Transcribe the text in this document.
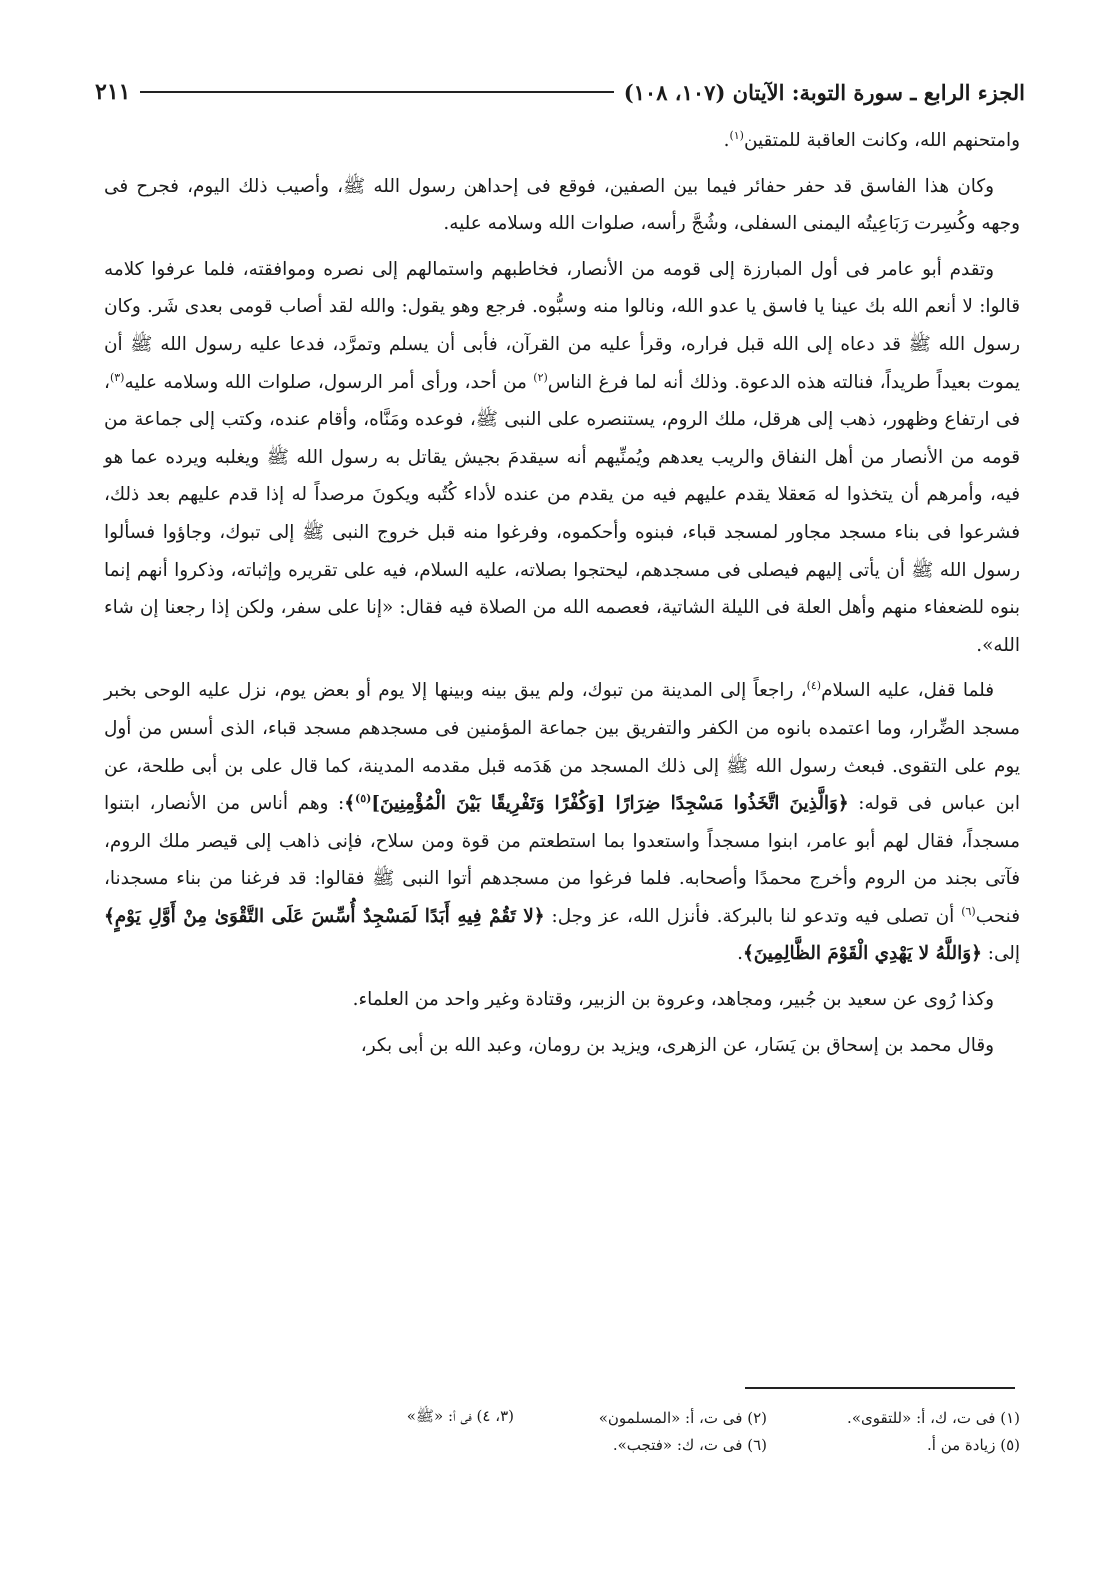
الجزء الرابع ـ سورة التوبة: الآيتان (١٠٧، ١٠٨)
٢١١

وامتحنهم الله، وكانت العاقبة للمتقين$^{(١)}$.

وكان هذا الفاسق قد حفر حفائر فيما بين الصفين، فوقع فى إحداهن رسول الله ﷺ، وأصيب ذلك اليوم، فجرح فى وجهه وكُسِرت رَبَاعِيتُه اليمنى السفلى، وشُجَّ رأسه، صلوات الله وسلامه عليه.

وتقدم أبو عامر فى أول المبارزة إلى قومه من الأنصار، فخاطبهم واستمالهم إلى نصره وموافقته، فلما عرفوا كلامه قالوا: لا أنعم الله بك عينا يا فاسق يا عدو الله، ونالوا منه وسبُّوه. فرجع وهو يقول: والله لقد أصاب قومى بعدى شَر. وكان رسول الله ﷺ قد دعاه إلى الله قبل فراره، وقرأ عليه من القرآن، فأبى أن يسلم وتمرَّد، فدعا عليه رسول الله ﷺ أن يموت بعيداً طريداً، فنالته هذه الدعوة. وذلك أنه لما فرغ الناس$^{(٢)}$ من أحد، ورأى أمر الرسول، صلوات الله وسلامه عليه$^{(٣)}$، فى ارتفاع وظهور، ذهب إلى هرقل، ملك الروم، يستنصره على النبى ﷺ، فوعده ومَنَّاه، وأقام عنده، وكتب إلى جماعة من قومه من الأنصار من أهل النفاق والريب يعدهم ويُمنِّيهم أنه سيقدمَ بجيش يقاتل به رسول الله ﷺ ويغلبه ويرده عما هو فيه، وأمرهم أن يتخذوا له مَعقلا يقدم عليهم فيه من يقدم من عنده لأداء كُتُبه ويكونَ مرصداً له إذا قدم عليهم بعد ذلك، فشرعوا فى بناء مسجد مجاور لمسجد قباء، فبنوه وأحكموه، وفرغوا منه قبل خروج النبى ﷺ إلى تبوك، وجاؤوا فسألوا رسول الله ﷺ أن يأتى إليهم فيصلى فى مسجدهم، ليحتجوا بصلاته، عليه السلام، فيه على تقريره وإثباته، وذكروا أنهم إنما بنوه للضعفاء منهم وأهل العلة فى الليلة الشاتية، فعصمه الله من الصلاة فيه فقال: «إنا على سفر، ولكن إذا رجعنا إن شاء الله».

فلما قفل، عليه السلام$^{(٤)}$، راجعاً إلى المدينة من تبوك، ولم يبق بينه وبينها إلا يوم أو بعض يوم، نزل عليه الوحى بخبر مسجد الضِّرار، وما اعتمده بانوه من الكفر والتفريق بين جماعة المؤمنين فى مسجدهم مسجد قباء، الذى أسس من أول يوم على التقوى. فبعث رسول الله ﷺ إلى ذلك المسجد من هَدَمه قبل مقدمه المدينة، كما قال على بن أبى طلحة، عن ابن عباس فى قوله: ﴿وَالَّذِينَ اتَّخَذُوا مَسْجِدًا ضِرَارًا [وَكُفْرًا وَتَفْرِيقًا بَيْنَ الْمُؤْمِنِينَ]$^{(٥)}$﴾: وهم أناس من الأنصار، ابتنوا مسجداً، فقال لهم أبو عامر، ابنوا مسجداً واستعدوا بما استطعتم من قوة ومن سلاح، فإنى ذاهب إلى قيصر ملك الروم، فآتى بجند من الروم وأخرج محمدًا وأصحابه. فلما فرغوا من مسجدهم أتوا النبى ﷺ فقالوا: قد فرغنا من بناء مسجدنا، فنحب$^{(٦)}$ أن تصلى فيه وتدعو لنا بالبركة. فأنزل الله، عز وجل: ﴿لا تَقُمْ فِيهِ أَبَدًا لَمَسْجِدٌ أُسِّسَ عَلَى التَّقْوَىٰ مِنْ أَوَّلِ يَوْمٍ﴾ إلى: ﴿وَاللَّهُ لا يَهْدِي الْقَوْمَ الظَّالِمِينَ﴾.

وكذا رُوى عن سعيد بن جُبير، ومجاهد، وعروة بن الزبير، وقتادة وغير واحد من العلماء.

وقال محمد بن إسحاق بن يَسَار، عن الزهرى، ويزيد بن رومان، وعبد الله بن أبى بكر،

(١) فى ت، ك، أ: «للتقوى».
(٢) فى ت، أ: «المسلمون»
(٣، ٤) فى أ: «ﷺ»
(٥) زيادة من أ.
(٦) فى ت، ك: «فتجب».
